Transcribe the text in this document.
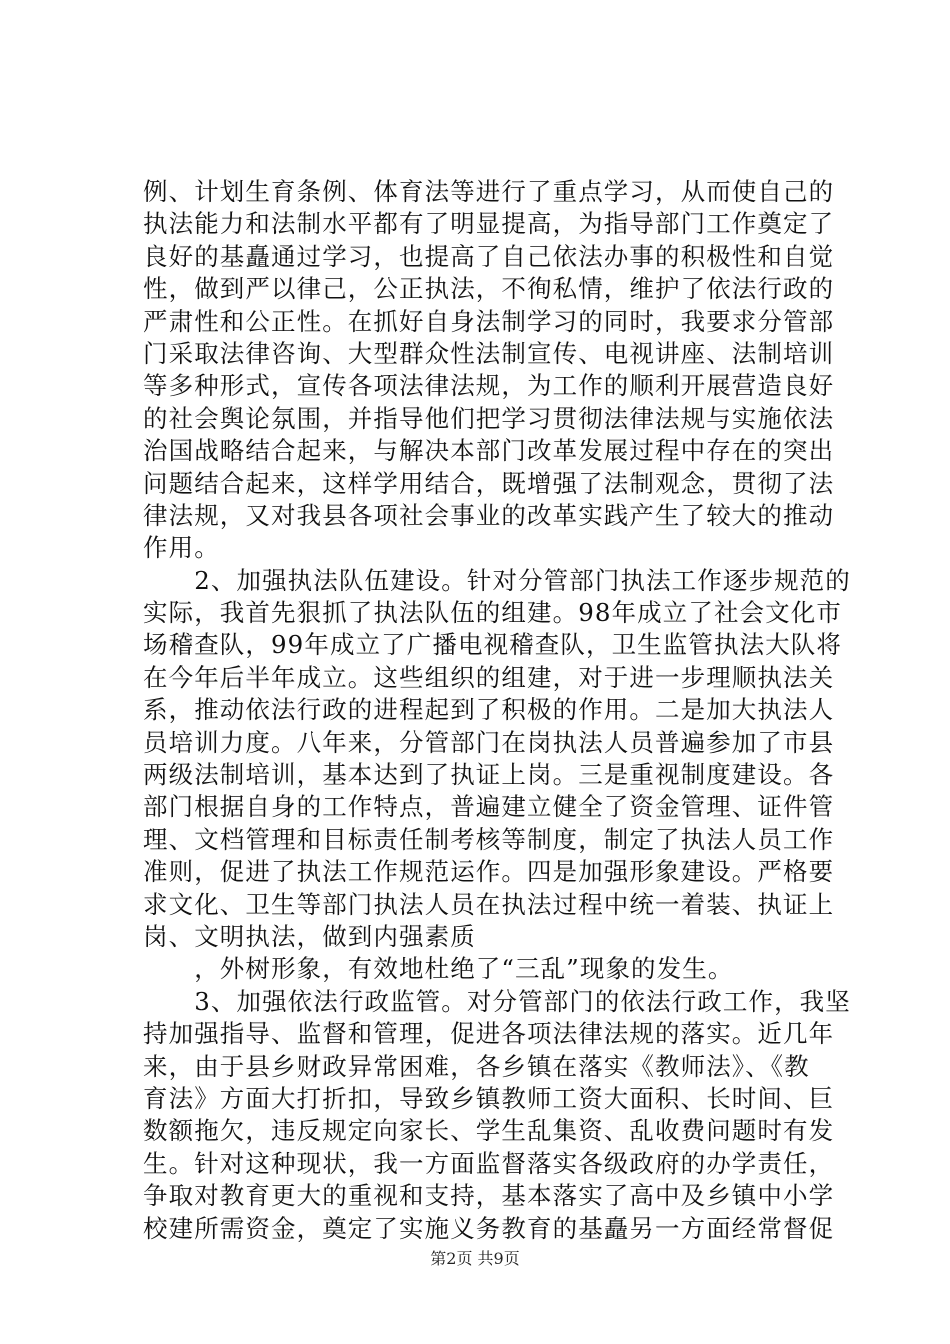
例、计划生育条例、体育法等进行了重点学习，从而使自己的
执法能力和法制水平都有了明显提高，为指导部门工作奠定了
良好的基矗通过学习，也提高了自己依法办事的积极性和自觉
性，做到严以律己，公正执法，不徇私情，维护了依法行政的
严肃性和公正性。在抓好自身法制学习的同时，我要求分管部
门采取法律咨询、大型群众性法制宣传、电视讲座、法制培训
等多种形式，宣传各项法律法规，为工作的顺利开展营造良好
的社会舆论氛围，并指导他们把学习贯彻法律法规与实施依法
治国战略结合起来，与解决本部门改革发展过程中存在的突出
问题结合起来，这样学用结合，既增强了法制观念，贯彻了法
律法规，又对我县各项社会事业的改革实践产生了较大的推动
作用。
　　2、加强执法队伍建设。针对分管部门执法工作逐步规范的
实际，我首先狠抓了执法队伍的组建。98年成立了社会文化市
场稽查队，99年成立了广播电视稽查队，卫生监管执法大队将
在今年后半年成立。这些组织的组建，对于进一步理顺执法关
系，推动依法行政的进程起到了积极的作用。二是加大执法人
员培训力度。八年来，分管部门在岗执法人员普遍参加了市县
两级法制培训，基本达到了执证上岗。三是重视制度建设。各
部门根据自身的工作特点，普遍建立健全了资金管理、证件管
理、文档管理和目标责任制考核等制度，制定了执法人员工作
准则，促进了执法工作规范运作。四是加强形象建设。严格要
求文化、卫生等部门执法人员在执法过程中统一着装、执证上
岗、文明执法，做到内强素质
　　，外树形象，有效地杜绝了“三乱”现象的发生。
　　3、加强依法行政监管。对分管部门的依法行政工作，我坚
持加强指导、监督和管理，促进各项法律法规的落实。近几年
来，由于县乡财政异常困难，各乡镇在落实《教师法》、《教
育法》方面大打折扣，导致乡镇教师工资大面积、长时间、巨
数额拖欠，违反规定向家长、学生乱集资、乱收费问题时有发
生。针对这种现状，我一方面监督落实各级政府的办学责任，
争取对教育更大的重视和支持，基本落实了高中及乡镇中小学
校建所需资金，奠定了实施义务教育的基矗另一方面经常督促
第2页 共9页
